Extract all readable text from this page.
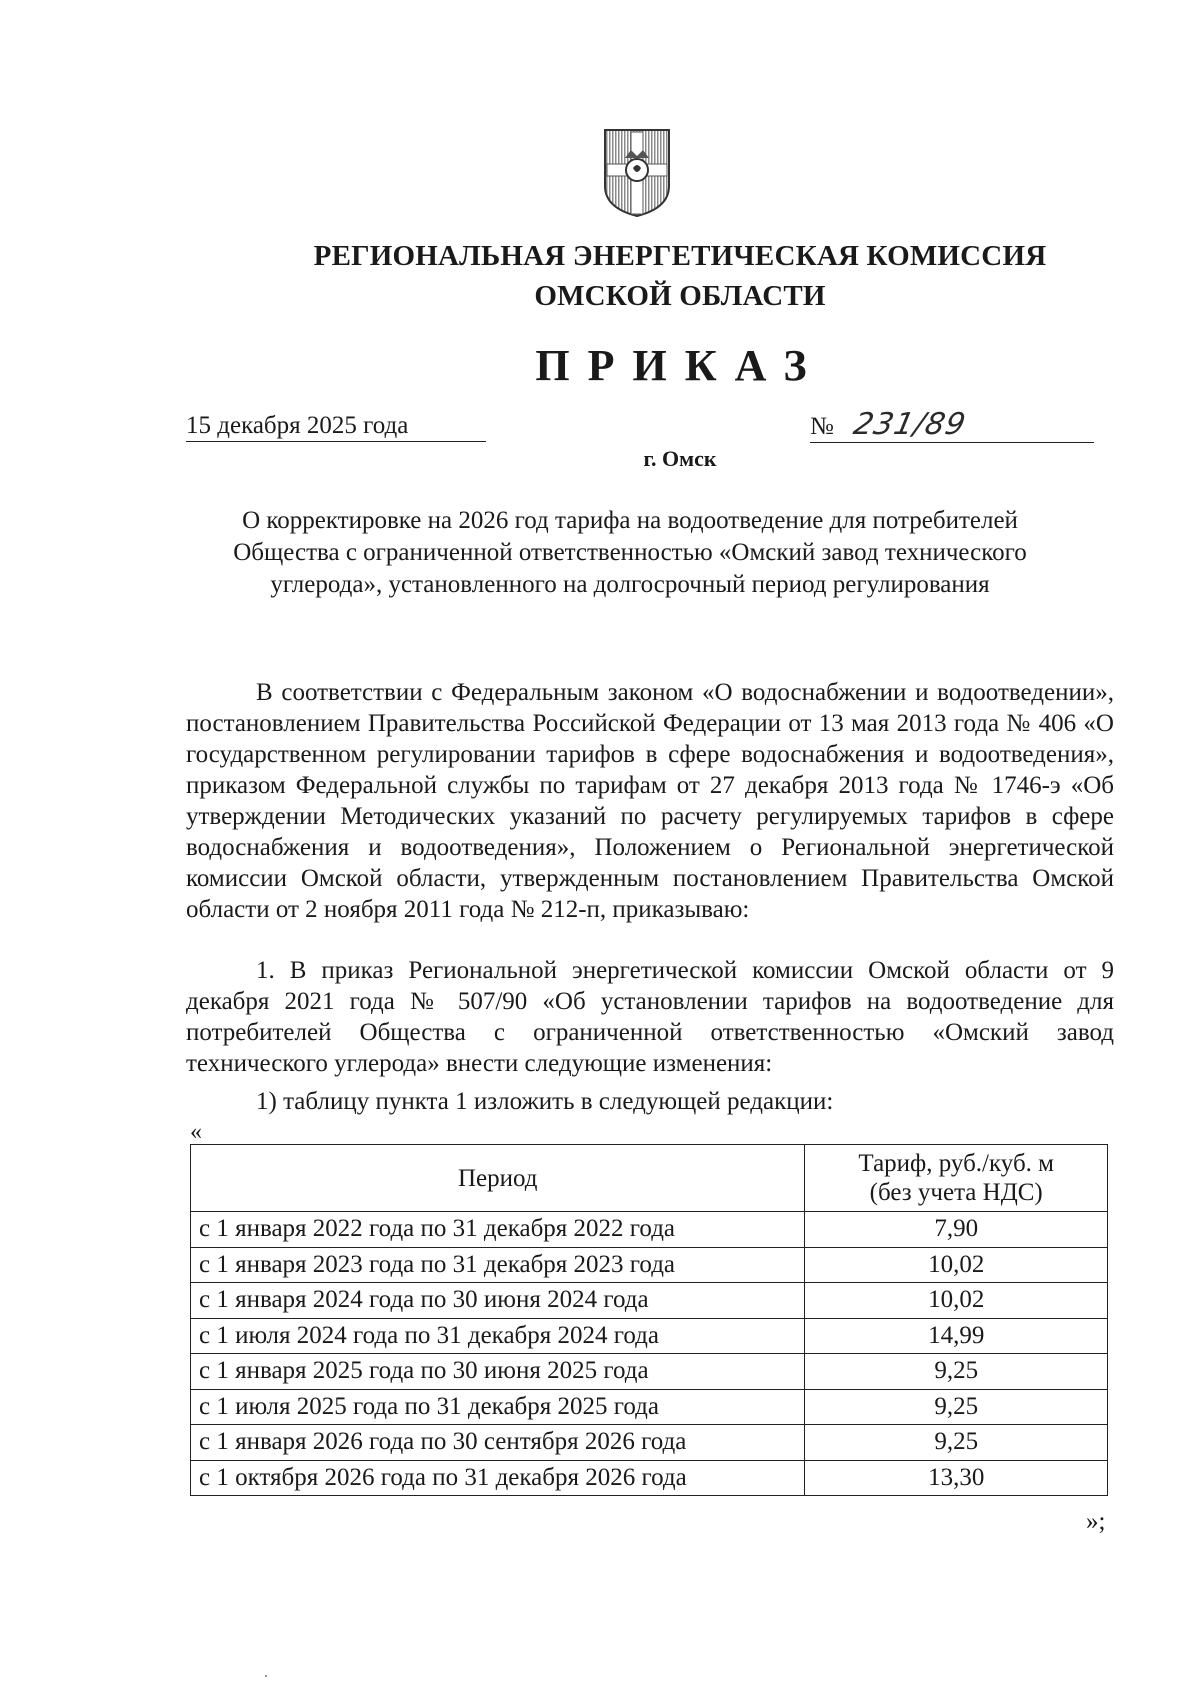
РЕГИОНАЛЬНАЯ ЭНЕРГЕТИЧЕСКАЯ КОМИССИЯ
ОМСКОЙ ОБЛАСТИ
ПРИКАЗ
15 декабря 2025 года	№ 231/89
г. Омск
О корректировке на 2026 год тарифа на водоотведение для потребителей Общества с ограниченной ответственностью «Омский завод технического углерода», установленного на долгосрочный период регулирования
В соответствии с Федеральным законом «О водоснабжении и водоотведении», постановлением Правительства Российской Федерации от 13 мая 2013 года № 406 «О государственном регулировании тарифов в сфере водоснабжения и водоотведения», приказом Федеральной службы по тарифам от 27 декабря 2013 года № 1746-э «Об утверждении Методических указаний по расчету регулируемых тарифов в сфере водоснабжения и водоотведения», Положением о Региональной энергетической комиссии Омской области, утвержденным постановлением Правительства Омской области от 2 ноября 2011 года № 212-п, приказываю:
1. В приказ Региональной энергетической комиссии Омской области от 9 декабря 2021 года № 507/90 «Об установлении тарифов на водоотведение для потребителей Общества с ограниченной ответственностью «Омский завод технического углерода» внести следующие изменения:
1) таблицу пункта 1 изложить в следующей редакции:
«
Период	Тариф, руб./куб. м
(без учета НДС)
с 1 января 2022 года по 31 декабря 2022 года	7,90
с 1 января 2023 года по 31 декабря 2023 года	10,02
с 1 января 2024 года по 30 июня 2024 года	10,02
с 1 июля 2024 года по 31 декабря 2024 года	14,99
с 1 января 2025 года по 30 июня 2025 года	9,25
с 1 июля 2025 года по 31 декабря 2025 года	9,25
с 1 января 2026 года по 30 сентября 2026 года	9,25
с 1 октября 2026 года по 31 декабря 2026 года	13,30
»;
